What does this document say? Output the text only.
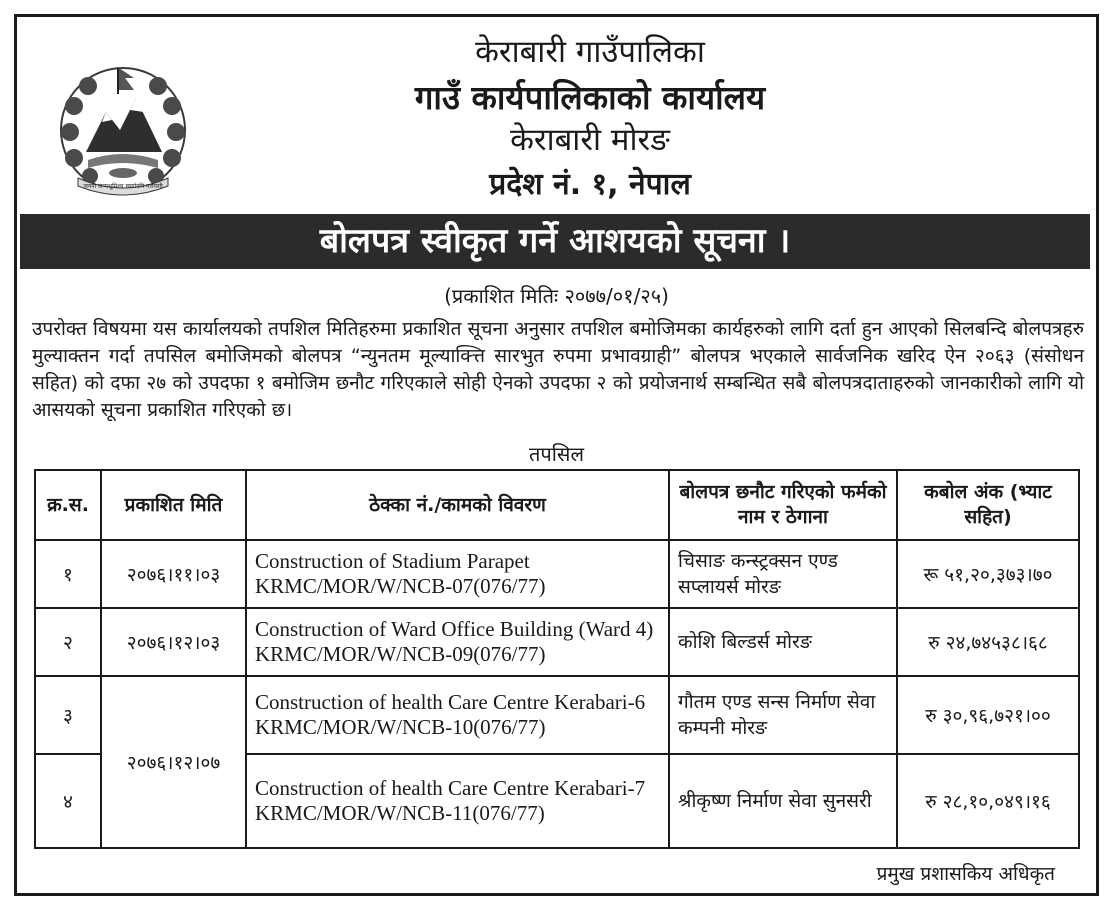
जननी जन्मभूमिश्च स्वर्गादपि गरीयसी
केराबारी गाउँपालिका
गाउँ कार्यपालिकाको कार्यालय
केराबारी मोरङ
प्रदेश नं. १, नेपाल
बोलपत्र स्वीकृत गर्ने आशयको सूचना ।
(प्रकाशित मितिः २०७७/०१/२५)
उपरोक्त विषयमा यस कार्यालयको तपशिल मितिहरुमा प्रकाशित सूचना अनुसार तपशिल बमोजिमका कार्यहरुको लागि दर्ता हुन आएको सिलबन्दि बोलपत्रहरु मुल्याक्तन गर्दा तपसिल बमोजिमको बोलपत्र “न्युनतम मूल्याक्त्ति सारभुत रुपमा प्रभावग्राही” बोलपत्र भएकाले सार्वजनिक खरिद ऐन २०६३ (संसोधन सहित) को दफा २७ को उपदफा १ बमोजिम छनौट गरिएकाले सोही ऐनको उपदफा २ को प्रयोजनार्थ सम्बन्धित सबै बोलपत्रदाताहरुको जानकारीको लागि यो आसयको सूचना प्रकाशित गरिएको छ।
तपसिल
क्र.स.	प्रकाशित मिति	ठेक्का नं./कामको विवरण	बोलपत्र छनौट गरिएको फर्मको नाम र ठेगाना	कबोल अंक (भ्याट सहित)
१	२०७६।११।०३	Construction of Stadium Parapet KRMC/MOR/W/NCB-07(076/77)	चिसाङ कन्स्ट्रक्सन एण्ड सप्लायर्स मोरङ	रू ५१,२०,३७३।७०
२	२०७६।१२।०३	Construction of Ward Office Building (Ward 4) KRMC/MOR/W/NCB-09(076/77)	कोशि बिल्डर्स मोरङ	रु २४,७४५३८।६८
३	२०७६।१२।०७	Construction of health Care Centre Kerabari-6 KRMC/MOR/W/NCB-10(076/77)	गौतम एण्ड सन्स निर्माण सेवा कम्पनी मोरङ	रु ३०,९६,७२१।००
४		Construction of health Care Centre Kerabari-7 KRMC/MOR/W/NCB-11(076/77)	श्रीकृष्ण निर्माण सेवा सुनसरी	रु २८,१०,०४९।१६
प्रमुख प्रशासकिय अधिकृत
